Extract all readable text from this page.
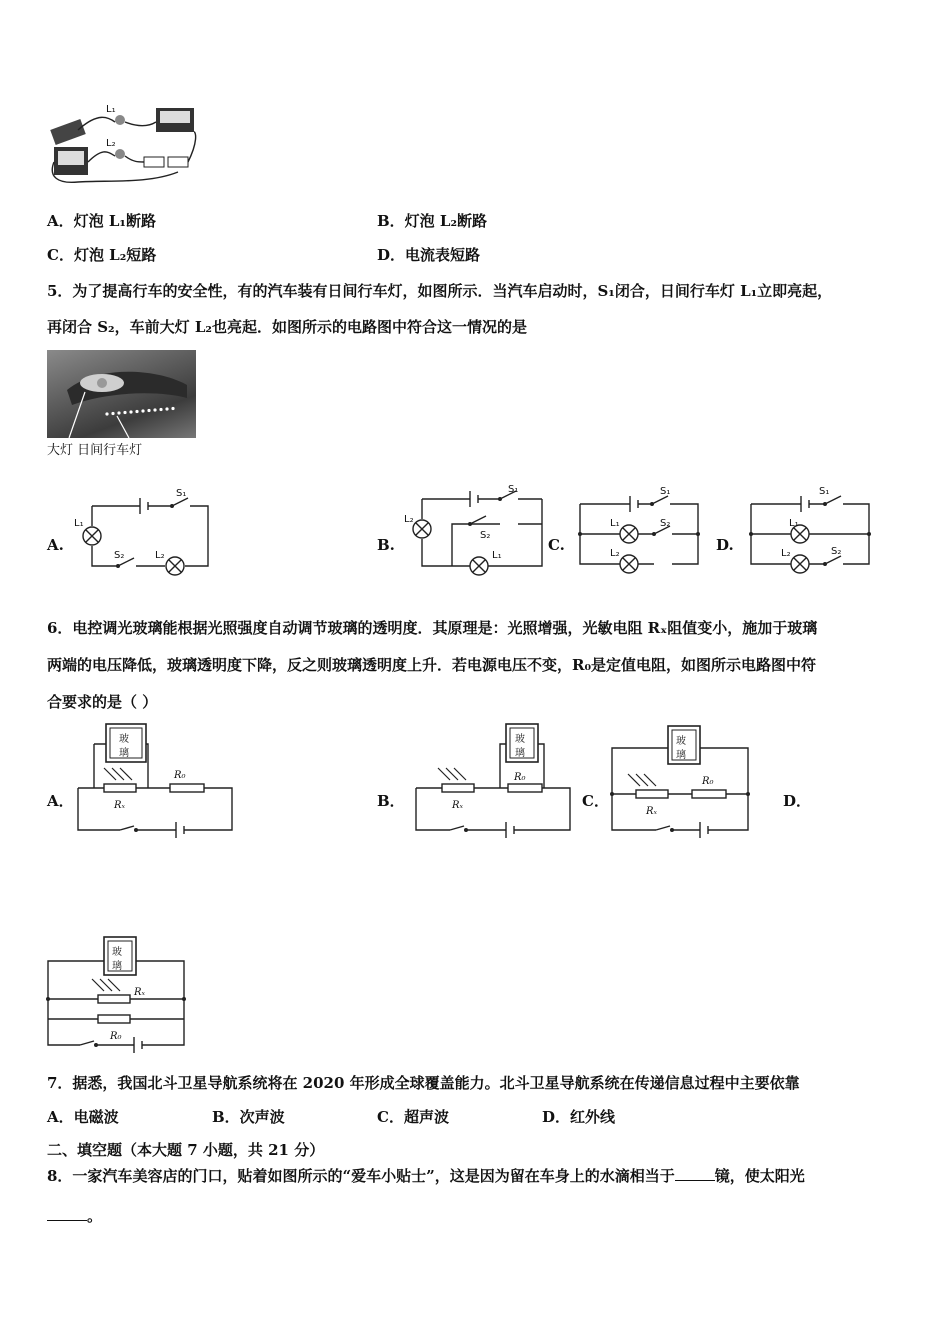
L₁
L₂
A．灯泡 L₁断路	B．灯泡 L₂断路
C．灯泡 L₂短路	D．电流表短路
5．为了提高行车的安全性，有的汽车装有日间行车灯，如图所示．当汽车启动时，S₁闭合，日间行车灯 L₁立即亮起，
再闭合 S₂，车前大灯 L₂也亮起．如图所示的电路图中符合这一情况的是
大灯 日间行车灯
A.
S₁
S₂
L₁
L₂
B.
S₁
S₂
L₂
L₁
C.
S₁
S₂
L₁
L₂	D.
S₁
S₂
L₁
L₂
6．电控调光玻璃能根据光照强度自动调节玻璃的透明度．其原理是：光照增强，光敏电阻 Rₓ阻值变小，施加于玻璃
两端的电压降低，玻璃透明度下降，反之则玻璃透明度上升．若电源电压不变，R₀是定值电阻，如图所示电路图中符
合要求的是（ ）
A．
玻
璃
Rₓ
R₀
B．
玻
璃
Rₓ
R₀
C．
玻
璃
Rₓ
R₀
D．
玻
璃
Rₓ
R₀
7．据悉，我国北斗卫星导航系统将在 2020 年形成全球覆盖能力。北斗卫星导航系统在传递信息过程中主要依靠
A．电磁波	B．次声波	C．超声波	D．红外线
二、填空题（本大题 7 小题，共 21 分）
8．一家汽车美容店的门口，贴着如图所示的“爱车小贴士”，这是因为留在车身上的水滴相当于	镜，使太阳光
。
